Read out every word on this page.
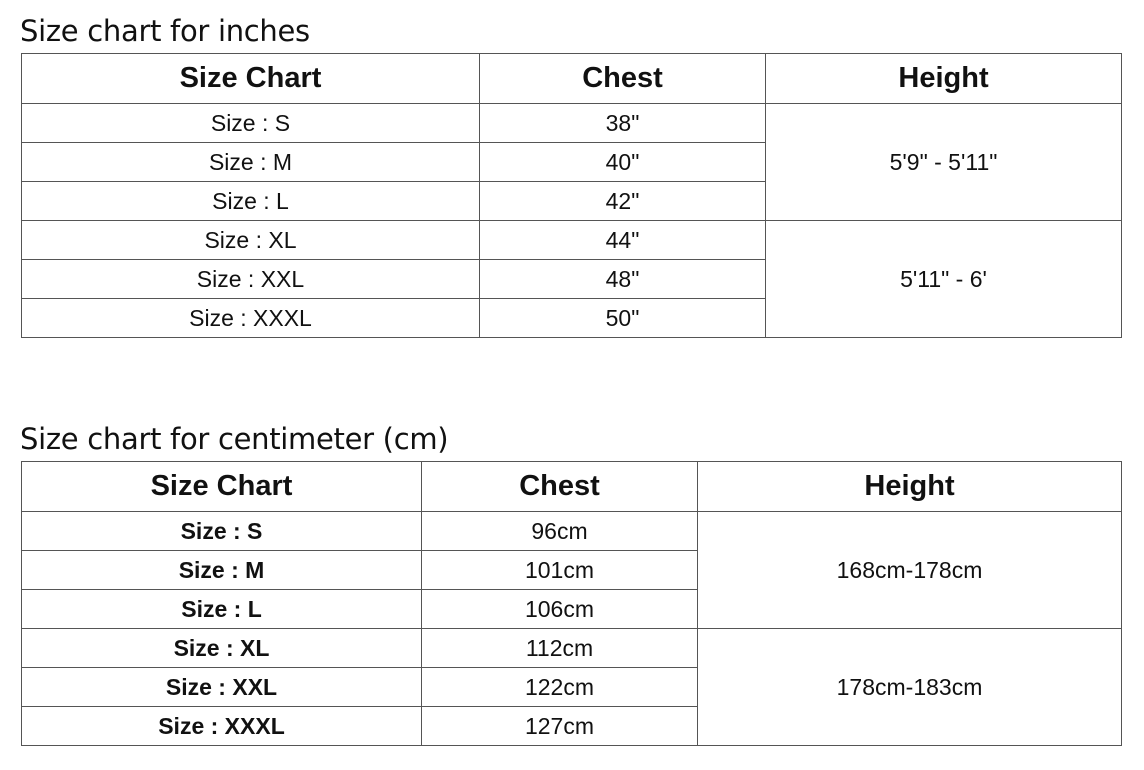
Size chart for inches
Size Chart	Chest	Height
Size : S	38"	5'9" - 5'11"
Size : M	40"	
Size : L	42"	
Size : XL	44"	5'11" - 6'
Size : XXL	48"	
Size : XXXL	50"	
Size chart for centimeter (cm)
Size Chart	Chest	Height
Size : S	96cm	168cm-178cm
Size : M	101cm	
Size : L	106cm	
Size : XL	112cm	178cm-183cm
Size : XXL	122cm	
Size : XXXL	127cm	
